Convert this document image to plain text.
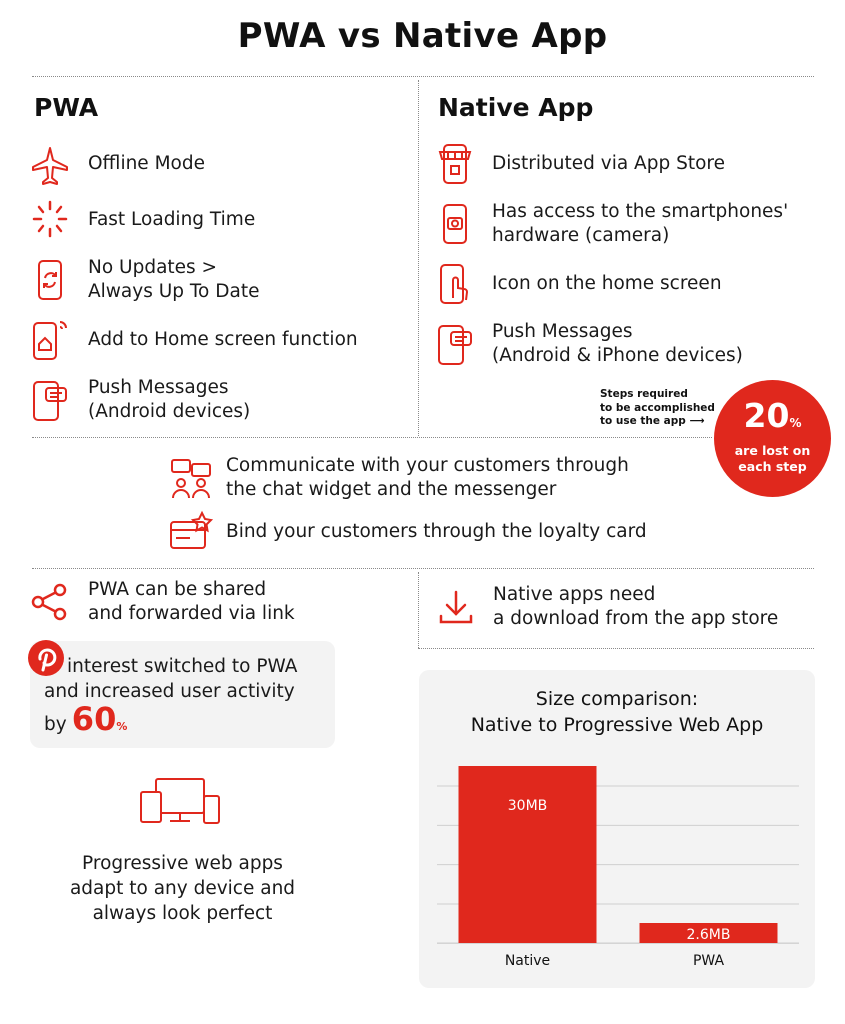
PWA vs Native App
PWA
Offline Mode
Fast Loading Time
No Updates >
Always Up To Date
Add to Home screen function
Push Messages
(Android devices)
Native App
Distributed via App Store
Has access to the smartphones'
hardware (camera)
Icon on the home screen
Push Messages
(Android & iPhone devices)
Steps required
to be accomplished
to use the app ⟶	20%
are lost on
each step
Communicate with your customers through
the chat widget and the messenger
Bind your customers through the loyalty card
PWA can be shared
and forwarded via link
Native apps need
a download from the app store
interest switched to PWA
and increased user activity
by 60%
Progressive web apps
adapt to any device and
always look perfect
Size comparison:
Native to Progressive Web App
30MB
Native
2.6MB
PWA
